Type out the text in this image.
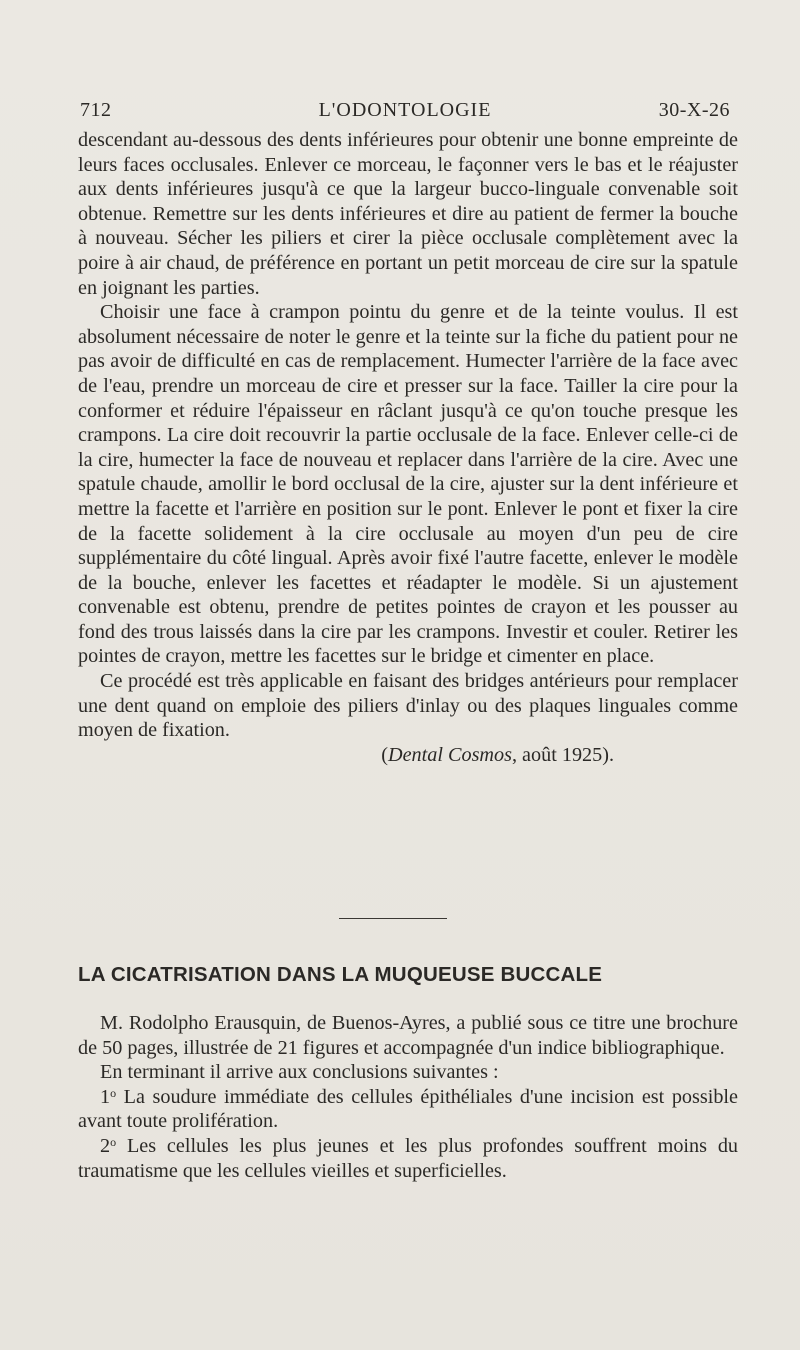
712	L'ODONTOLOGIE	30-X-26

descendant au-dessous des dents inférieures pour obtenir une bonne empreinte de leurs faces occlusales. Enlever ce morceau, le façonner vers le bas et le réajuster aux dents inférieures jusqu'à ce que la largeur bucco-linguale convenable soit obtenue. Remettre sur les dents inférieures et dire au patient de fermer la bouche à nouveau. Sécher les piliers et cirer la pièce occlusale complètement avec la poire à air chaud, de préférence en portant un petit morceau de cire sur la spatule en joignant les parties.

Choisir une face à crampon pointu du genre et de la teinte voulus. Il est absolument nécessaire de noter le genre et la teinte sur la fiche du patient pour ne pas avoir de difficulté en cas de remplacement. Humecter l'arrière de la face avec de l'eau, prendre un morceau de cire et presser sur la face. Tailler la cire pour la conformer et réduire l'épaisseur en râclant jusqu'à ce qu'on touche presque les crampons. La cire doit recouvrir la partie occlusale de la face. Enlever celle-ci de la cire, humecter la face de nouveau et replacer dans l'arrière de la cire. Avec une spatule chaude, amollir le bord occlusal de la cire, ajuster sur la dent inférieure et mettre la facette et l'arrière en position sur le pont. Enlever le pont et fixer la cire de la facette solidement à la cire occlusale au moyen d'un peu de cire supplémentaire du côté lingual. Après avoir fixé l'autre facette, enlever le modèle de la bouche, enlever les facettes et réadapter le modèle. Si un ajustement convenable est obtenu, prendre de petites pointes de crayon et les pousser au fond des trous laissés dans la cire par les crampons. Investir et couler. Retirer les pointes de crayon, mettre les facettes sur le bridge et cimenter en place.

Ce procédé est très applicable en faisant des bridges antérieurs pour remplacer une dent quand on emploie des piliers d'inlay ou des plaques linguales comme moyen de fixation.

(Dental Cosmos, août 1925).

LA CICATRISATION DANS LA MUQUEUSE BUCCALE

M. Rodolpho Erausquin, de Buenos-Ayres, a publié sous ce titre une brochure de 50 pages, illustrée de 21 figures et accompagnée d'un indice bibliographique.

En terminant il arrive aux conclusions suivantes :

1$^o$ La soudure immédiate des cellules épithéliales d'une incision est possible avant toute prolifération.

2$^o$ Les cellules les plus jeunes et les plus profondes souffrent moins du traumatisme que les cellules vieilles et superficielles.
